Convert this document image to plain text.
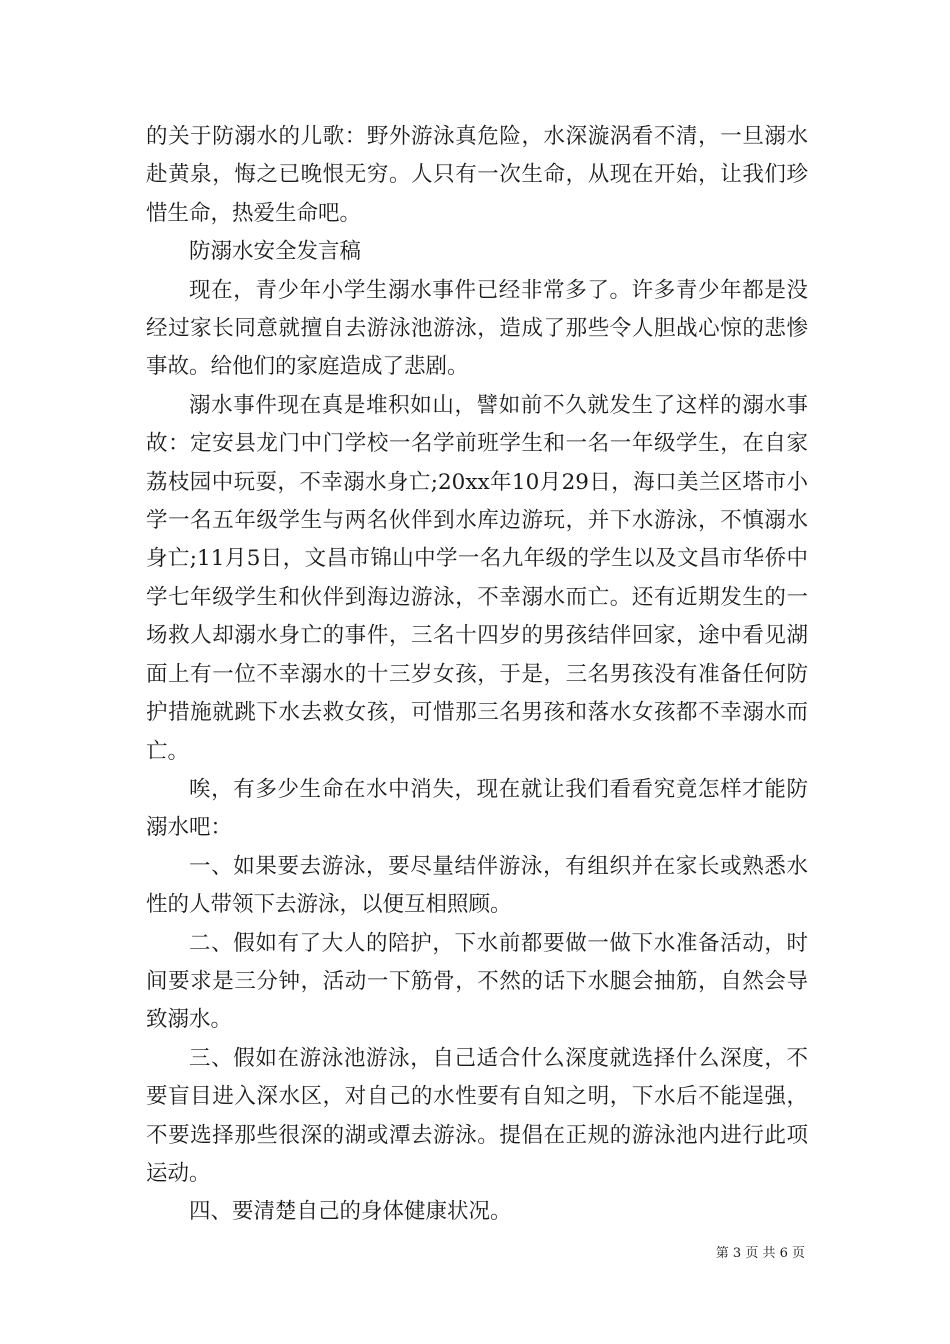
的关于防溺水的儿歌：野外游泳真危险，水深漩涡看不清，一旦溺水赴黄泉，悔之已晚恨无穷。人只有一次生命，从现在开始，让我们珍惜生命，热爱生命吧。

防溺水安全发言稿

现在，青少年小学生溺水事件已经非常多了。许多青少年都是没经过家长同意就擅自去游泳池游泳，造成了那些令人胆战心惊的悲惨事故。给他们的家庭造成了悲剧。

溺水事件现在真是堆积如山，譬如前不久就发生了这样的溺水事故：定安县龙门中门学校一名学前班学生和一名一年级学生，在自家荔枝园中玩耍，不幸溺水身亡;20xx年10月29日，海口美兰区塔市小学一名五年级学生与两名伙伴到水库边游玩，并下水游泳，不慎溺水身亡;11月5日，文昌市锦山中学一名九年级的学生以及文昌市华侨中学七年级学生和伙伴到海边游泳，不幸溺水而亡。还有近期发生的一场救人却溺水身亡的事件，三名十四岁的男孩结伴回家，途中看见湖面上有一位不幸溺水的十三岁女孩，于是，三名男孩没有准备任何防护措施就跳下水去救女孩，可惜那三名男孩和落水女孩都不幸溺水而亡。

唉，有多少生命在水中消失，现在就让我们看看究竟怎样才能防溺水吧：

一、如果要去游泳，要尽量结伴游泳，有组织并在家长或熟悉水性的人带领下去游泳，以便互相照顾。

二、假如有了大人的陪护，下水前都要做一做下水准备活动，时间要求是三分钟，活动一下筋骨，不然的话下水腿会抽筋，自然会导致溺水。

三、假如在游泳池游泳，自己适合什么深度就选择什么深度，不要盲目进入深水区，对自己的水性要有自知之明，下水后不能逞强，不要选择那些很深的湖或潭去游泳。提倡在正规的游泳池内进行此项运动。

四、要清楚自己的身体健康状况。

第 3 页 共 6 页
